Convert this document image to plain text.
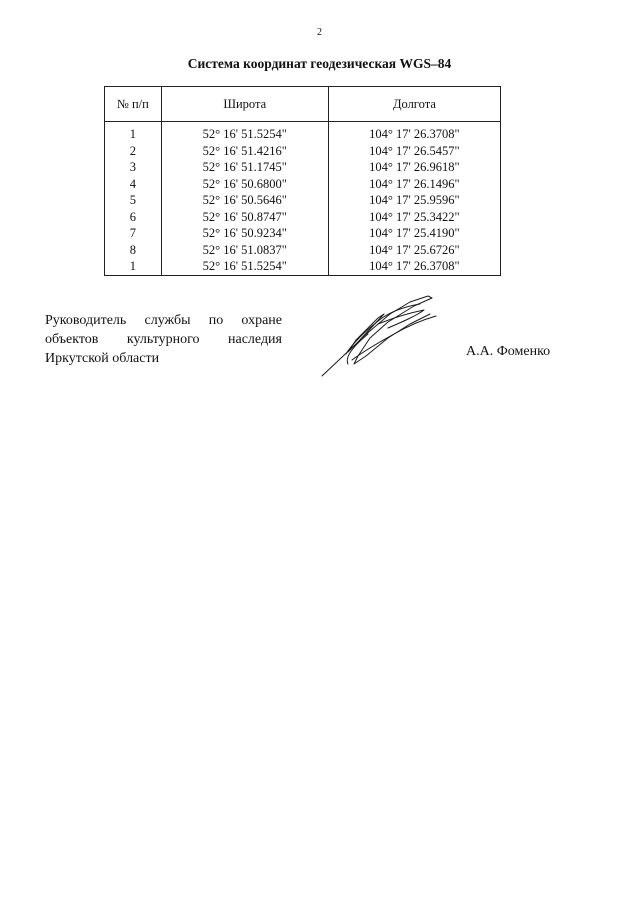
2
Система координат геодезическая WGS–84
№ п/п	Широта	Долгота
1	52° 16' 51.5254"	104° 17' 26.3708"
2	52° 16' 51.4216"	104° 17' 26.5457"
3	52° 16' 51.1745"	104° 17' 26.9618"
4	52° 16' 50.6800"	104° 17' 26.1496"
5	52° 16' 50.5646"	104° 17' 25.9596"
6	52° 16' 50.8747"	104° 17' 25.3422"
7	52° 16' 50.9234"	104° 17' 25.4190"
8	52° 16' 51.0837"	104° 17' 25.6726"
1	52° 16' 51.5254"	104° 17' 26.3708"
Руководитель службы по охране
объектов культурного наследия
Иркутской области	А.А. Фоменко
